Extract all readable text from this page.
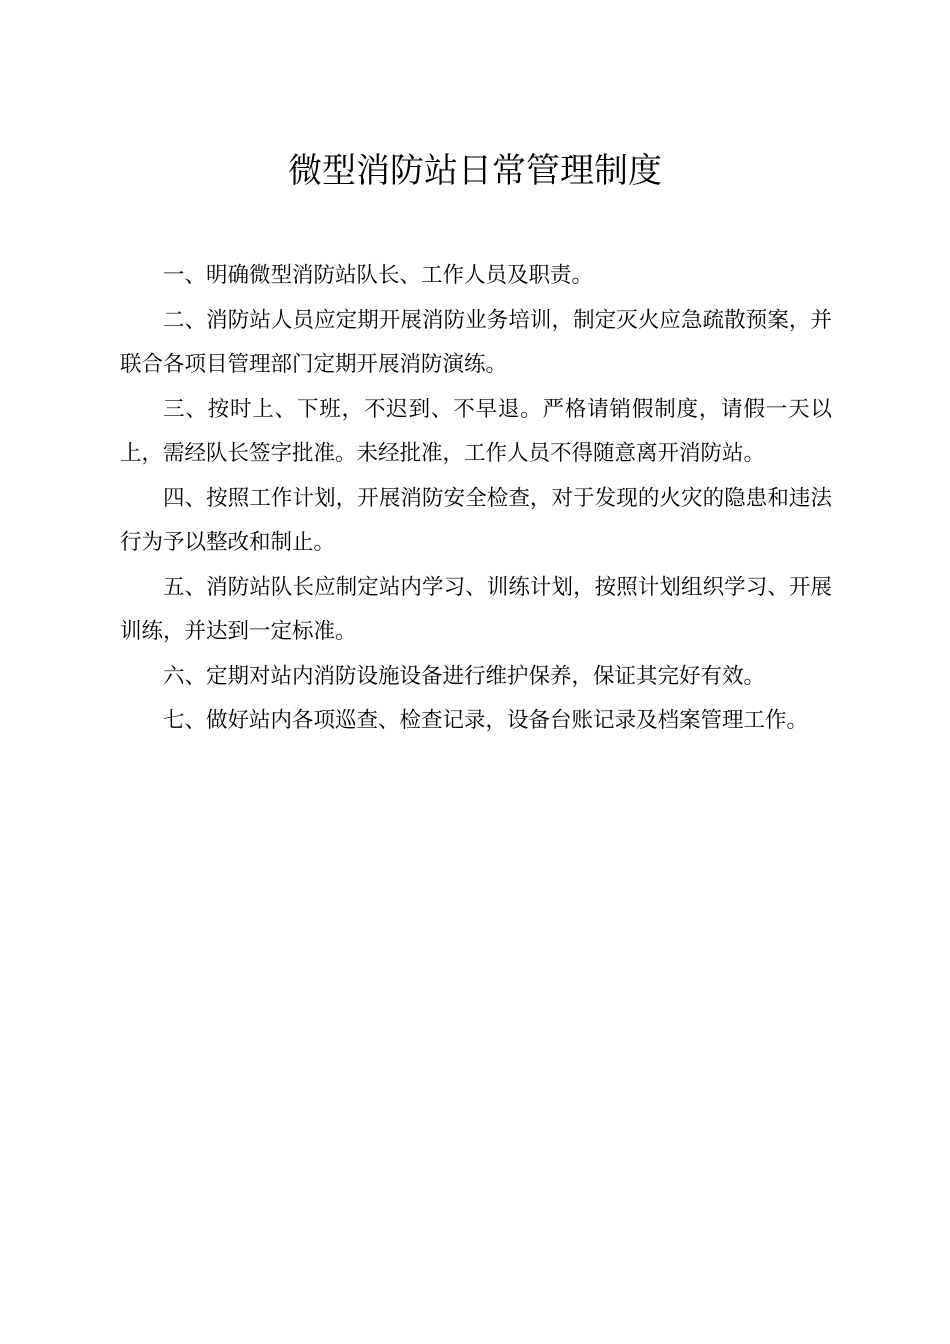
微型消防站日常管理制度

一、明确微型消防站队长、工作人员及职责。

二、消防站人员应定期开展消防业务培训，制定灭火应急疏散预案，并联合各项目管理部门定期开展消防演练。

三、按时上、下班，不迟到、不早退。严格请销假制度，请假一天以上，需经队长签字批准。未经批准，工作人员不得随意离开消防站。

四、按照工作计划，开展消防安全检查，对于发现的火灾的隐患和违法行为予以整改和制止。

五、消防站队长应制定站内学习、训练计划，按照计划组织学习、开展训练，并达到一定标准。

六、定期对站内消防设施设备进行维护保养，保证其完好有效。

七、做好站内各项巡查、检查记录，设备台账记录及档案管理工作。
